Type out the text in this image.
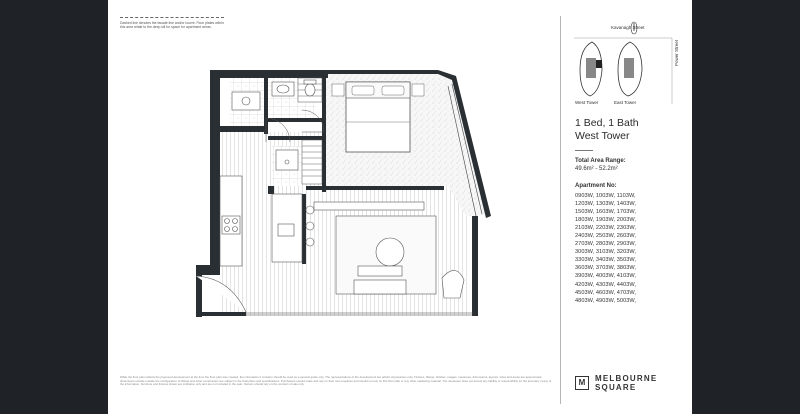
Dashed line denotes the facade line and/or louvre. Floor plates within this area relate to the deep sill for space for apartment areas.	Kavanagh Street
Power Street
West Tower	East Tower
1 Bed, 1 Bath
West Tower
Total Area Range:
49.6m² - 52.2m²
Apartment No:
0903W, 1003W, 1103W,
1203W, 1303W, 1403W,
1503W, 1603W, 1703W,
1803W, 1903W, 2003W,
2103W, 2203W, 2303W,
2403W, 2503W, 2603W,
2703W, 2803W, 2903W,
3003W, 3103W, 3203W,
3303W, 3403W, 3503W,
3603W, 3703W, 3803W,
3903W, 4003W, 4103W,
4203W, 4303W, 4403W,
4503W, 4603W, 4703W,
4803W, 4903W, 5003W,
M	MELBOURNE
SQUARE
While the floor plan reflects the proposed development at the time the floor plan was created, the information it contains should be used as a general guide only. The representations of the development are artistic impressions only. Fixtures, fittings, finishes, images, measures, dimensions, layouts, sizes and areas are approximate, dimensions include outside the configuration of fittings and other construction are subject to the final plans and specifications. Purchasers should make and rely on their own enquiries and should not rely on this floor plan or any other marketing material. The developer does not accept any liability or responsibility for the accuracy of any of the information. Furniture and fixtures shown are indicative only and are not included in the sale. Owners should rely on the contract of sale only.
